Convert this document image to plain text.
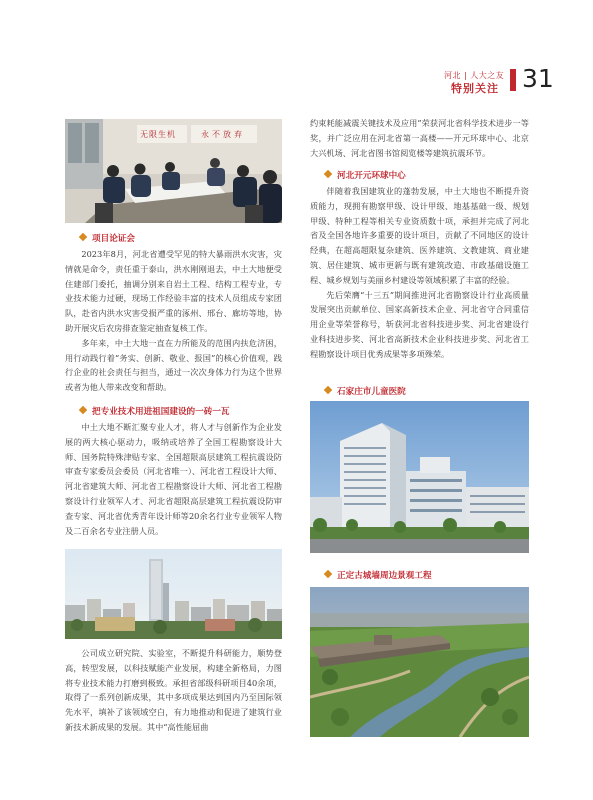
河北 | 人大之友
特别关注 31
无限生机	永不放弃
项目论证会

2023年8月，河北省遭受罕见的特大暴雨洪水灾害，灾情就是命令，责任重于泰山，洪水刚刚退去，中土大地便受住建部门委托，抽调分别来自岩土工程、结构工程专业，专业技术能力过硬，现场工作经验丰富的技术人员组成专家团队，赴省内洪水灾害受损严重的涿州、邢台、廊坊等地，协助开展灾后农房排查鉴定抽查复核工作。

多年来，中土大地一直在力所能及的范围内扶危济困，用行动践行着“务实、创新、敬业、报国”的核心价值观，践行企业的社会责任与担当，通过一次次身体力行为这个世界或者为他人带来改变和帮助。

把专业技术用进祖国建设的一砖一瓦

中土大地不断汇聚专业人才，将人才与创新作为企业发展的两大核心驱动力，吸纳或培养了全国工程勘察设计大师、国务院特殊津贴专家、全国超限高层建筑工程抗震设防审查专家委员会委员（河北省唯一）、河北省工程设计大师、河北省建筑大师、河北省工程勘察设计大师、河北省工程勘察设计行业领军人才、河北省超限高层建筑工程抗震设防审查专家、河北省优秀青年设计师等20余名行业专业领军人物及二百余名专业注册人员。

公司成立研究院、实验室，不断提升科研能力，顺势登高，转型发展，以科技赋能产业发展，构建全新格局，力图将专业技术能力打磨到极致。承担省部级科研项目40余项，取得了一系列创新成果，其中多项成果达到国内乃至国际领先水平，填补了该领域空白，有力地推动和促进了建筑行业新技术新成果的发展。其中“高性能屈曲

约束耗能减震关键技术及应用”荣获河北省科学技术进步一等奖，并广泛应用在河北省第一高楼——开元环球中心、北京大兴机场、河北省图书馆阅览楼等建筑抗震环节。

河北开元环球中心

伴随着我国建筑业的蓬勃发展，中土大地也不断提升资质能力，现拥有勘察甲级、设计甲级、地基基础一级、规划甲级、特种工程等相关专业资质数十项，承担并完成了河北省及全国各地许多重要的设计项目，贡献了不同地区的设计经典，在超高超限复杂建筑、医养建筑、文教建筑、商业建筑、居住建筑、城市更新与既有建筑改造、市政基础设施工程、城乡规划与美丽乡村建设等领域积累了丰富的经验。

先后荣膺“十三五”期间推进河北省勘察设计行业高质量发展突出贡献单位、国家高新技术企业、河北省守合同重信用企业等荣誉称号，斩获河北省科技进步奖、河北省建设行业科技进步奖、河北省高新技术企业科技进步奖、河北省工程勘察设计项目优秀成果等多项殊荣。

石家庄市儿童医院
正定古城墙周边景观工程
